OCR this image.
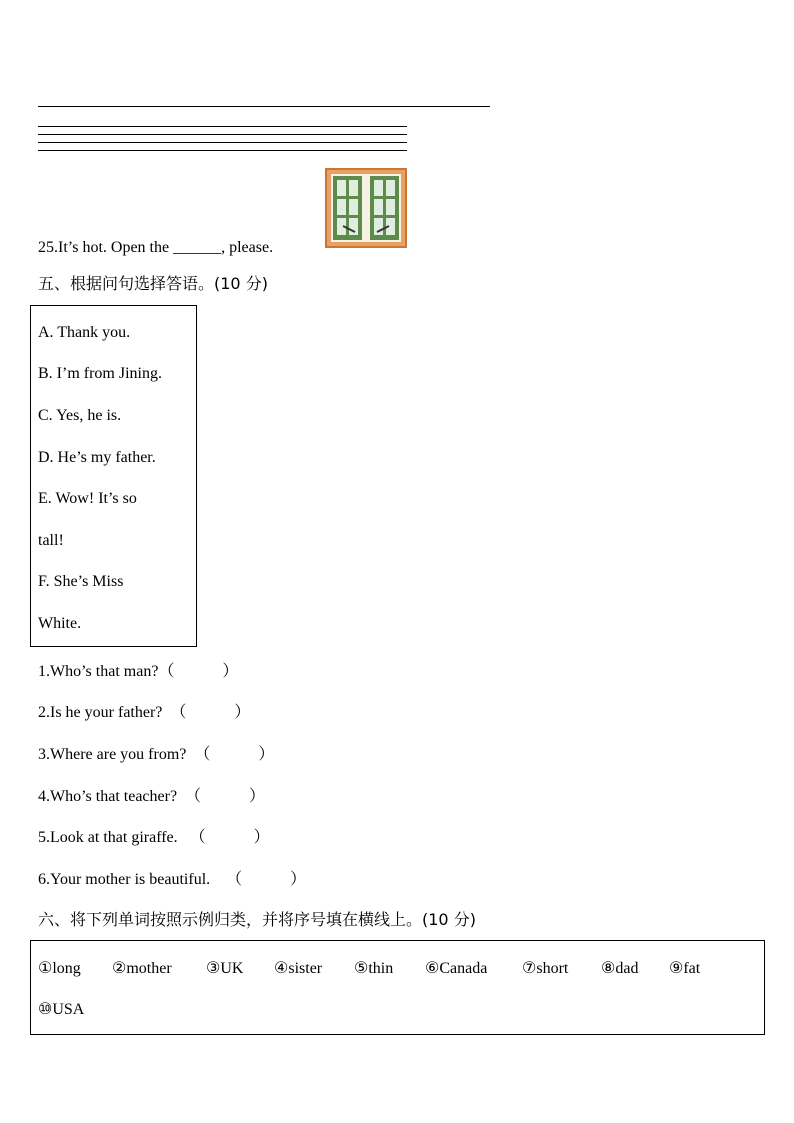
25.It’s hot. Open the ______, please.
五、根据问句选择答语。(10 分)
A. Thank you.
B. I’m from Jining.
C. Yes, he is.
D. He’s my father.
E. Wow! It’s so
tall!
F. She’s Miss
White.
1.Who’s that man?（　　　）
2.Is he your father? （　　　）
3.Where are you from? （　　　）
4.Who’s that teacher? （　　　）
5.Look at that giraffe. （　　　）
6.Your mother is beautiful. （　　　）
六、将下列单词按照示例归类，并将序号填在横线上。(10 分)
①long ②mother ③UK ④sister ⑤thin ⑥Canada ⑦short ⑧dad ⑨fat
⑩USA
